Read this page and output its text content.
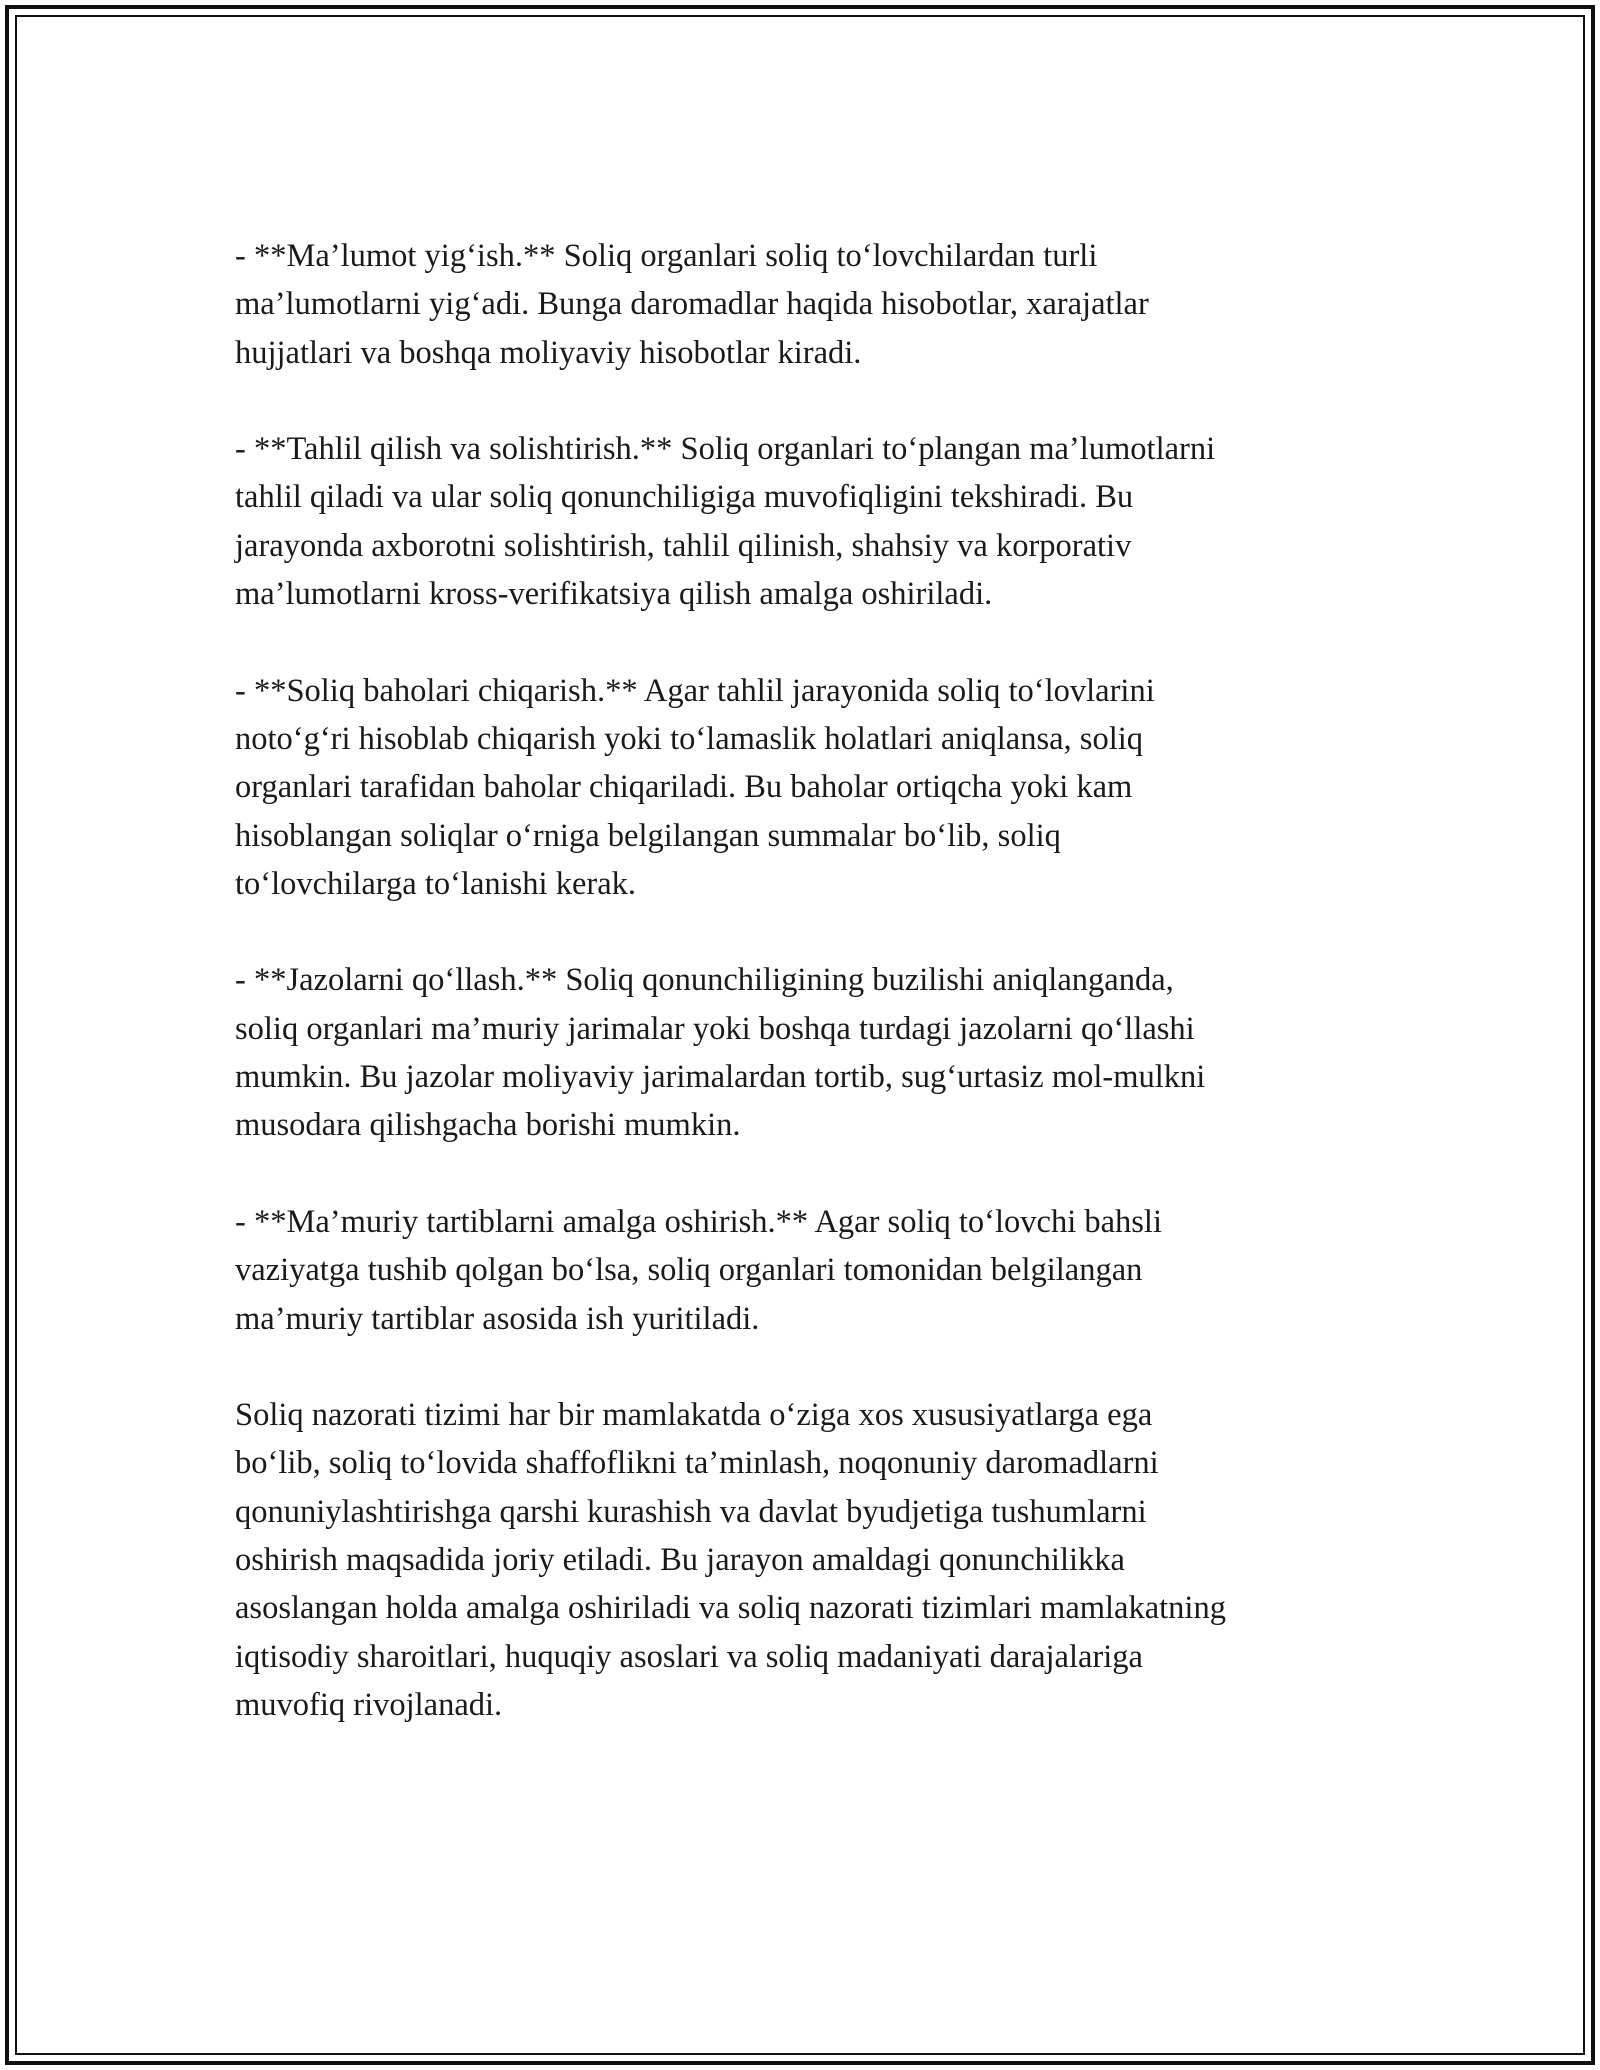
- **Ma’lumot yig‘ish.** Soliq organlari soliq to‘lovchilardan turli
ma’lumotlarni yig‘adi. Bunga daromadlar haqida hisobotlar, xarajatlar
hujjatlari va boshqa moliyaviy hisobotlar kiradi.

- **Tahlil qilish va solishtirish.** Soliq organlari to‘plangan ma’lumotlarni
tahlil qiladi va ular soliq qonunchiligiga muvofiqligini tekshiradi. Bu
jarayonda axborotni solishtirish, tahlil qilinish, shahsiy va korporativ
ma’lumotlarni kross-verifikatsiya qilish amalga oshiriladi.

- **Soliq baholari chiqarish.** Agar tahlil jarayonida soliq to‘lovlarini
noto‘g‘ri hisoblab chiqarish yoki to‘lamaslik holatlari aniqlansa, soliq
organlari tarafidan baholar chiqariladi. Bu baholar ortiqcha yoki kam
hisoblangan soliqlar o‘rniga belgilangan summalar bo‘lib, soliq
to‘lovchilarga to‘lanishi kerak.

- **Jazolarni qo‘llash.** Soliq qonunchiligining buzilishi aniqlanganda,
soliq organlari ma’muriy jarimalar yoki boshqa turdagi jazolarni qo‘llashi
mumkin. Bu jazolar moliyaviy jarimalardan tortib, sug‘urtasiz mol-mulkni
musodara qilishgacha borishi mumkin.

- **Ma’muriy tartiblarni amalga oshirish.** Agar soliq to‘lovchi bahsli
vaziyatga tushib qolgan bo‘lsa, soliq organlari tomonidan belgilangan
ma’muriy tartiblar asosida ish yuritiladi.

Soliq nazorati tizimi har bir mamlakatda o‘ziga xos xususiyatlarga ega
bo‘lib, soliq to‘lovida shaffoflikni ta’minlash, noqonuniy daromadlarni
qonuniylashtirishga qarshi kurashish va davlat byudjetiga tushumlarni
oshirish maqsadida joriy etiladi. Bu jarayon amaldagi qonunchilikka
asoslangan holda amalga oshiriladi va soliq nazorati tizimlari mamlakatning
iqtisodiy sharoitlari, huquqiy asoslari va soliq madaniyati darajalariga
muvofiq rivojlanadi.
